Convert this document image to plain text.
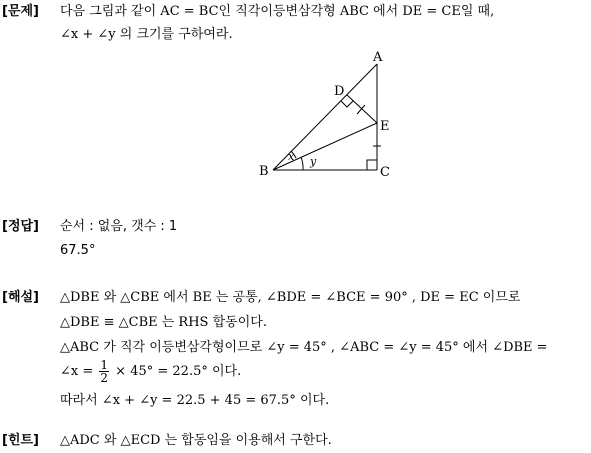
[문제] 다음 그림과 같이 AC = BC인 직각이등변삼각형 ABC 에서 DE = CE일 때,
∠x + ∠y 의 크기를 구하여라.
A
B	C
D
E
x y
[정답] 순서 : 없음, 갯수 : 1
67.5°
[해설] △DBE 와 △CBE 에서 BE 는 공통, ∠BDE = ∠BCE = 90° , DE = EC 이므로
△DBE ≡ △CBE 는 RHS 합동이다.
△ABC 가 직각 이등변삼각형이므로 ∠y = 45° , ∠ABC = ∠y = 45° 에서 ∠DBE =
∠x = $\frac{1}{2} \times 45^\circ = 22.5^\circ$ 이다.
따라서 ∠x + ∠y = 22.5 + 45 = 67.5° 이다.
[힌트] △ADC 와 △ECD 는 합동임을 이용해서 구한다.
